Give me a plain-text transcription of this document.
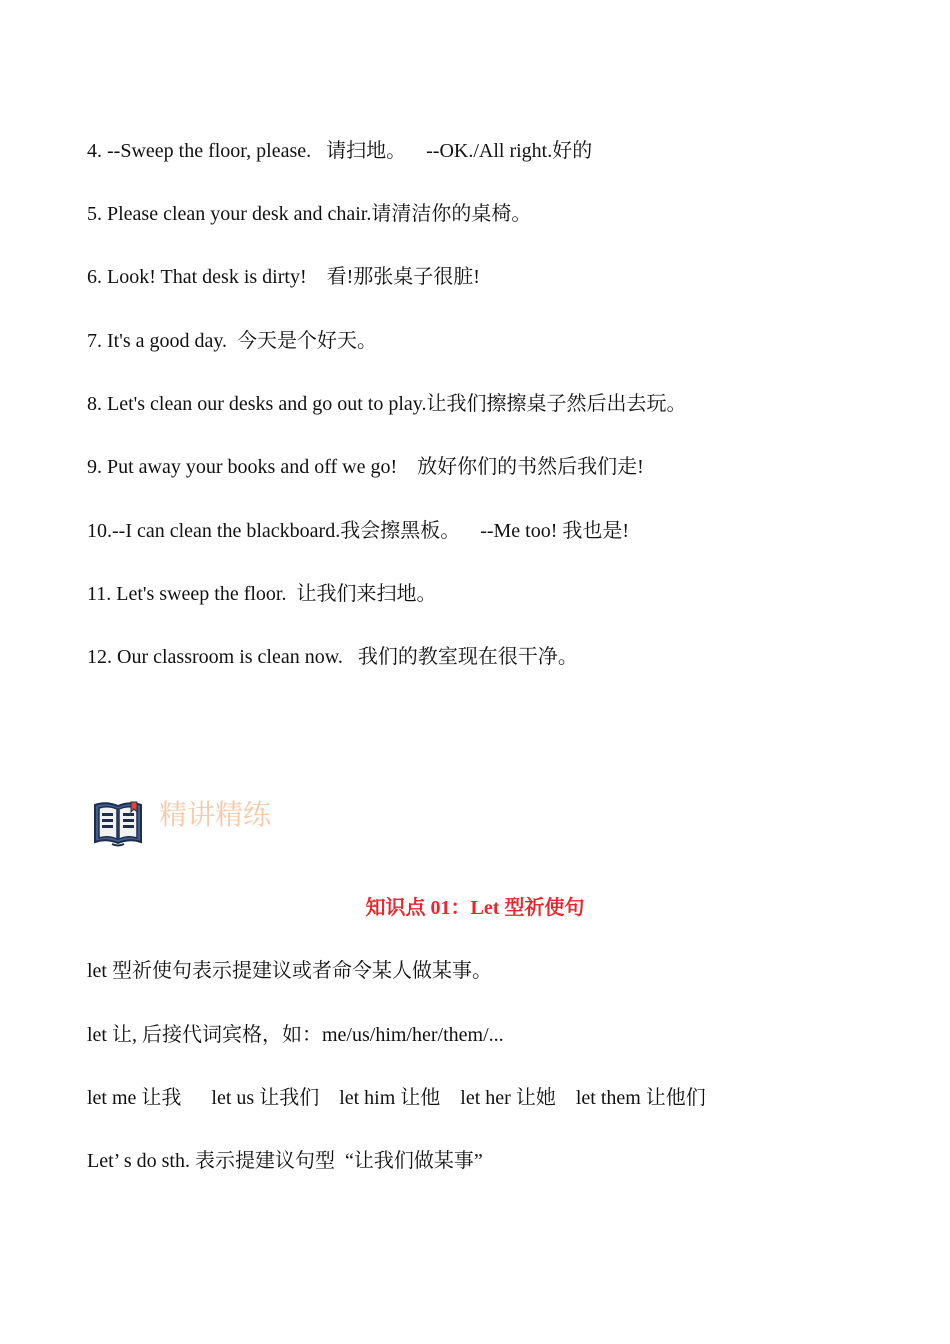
4. --Sweep the floor, please.   请扫地。    --OK./All right.好的

5. Please clean your desk and chair.请清洁你的桌椅。

6. Look! That desk is dirty!    看!那张桌子很脏!

7. It's a good day.  今天是个好天。

8. Let's clean our desks and go out to play.让我们擦擦桌子然后出去玩。

9. Put away your books and off we go!    放好你们的书然后我们走!

10.--I can clean the blackboard.我会擦黑板。    --Me too! 我也是!

11. Let's sweep the floor.  让我们来扫地。

12. Our classroom is clean now.   我们的教室现在很干净。

精讲精练
知识点 01：Let 型祈使句

let 型祈使句表示提建议或者命令某人做某事。

let 让, 后接代词宾格，如：me/us/him/her/them/...

let me 让我      let us 让我们    let him 让他    let her 让她    let them 让他们

Let’ s do sth. 表示提建议句型  “让我们做某事”
